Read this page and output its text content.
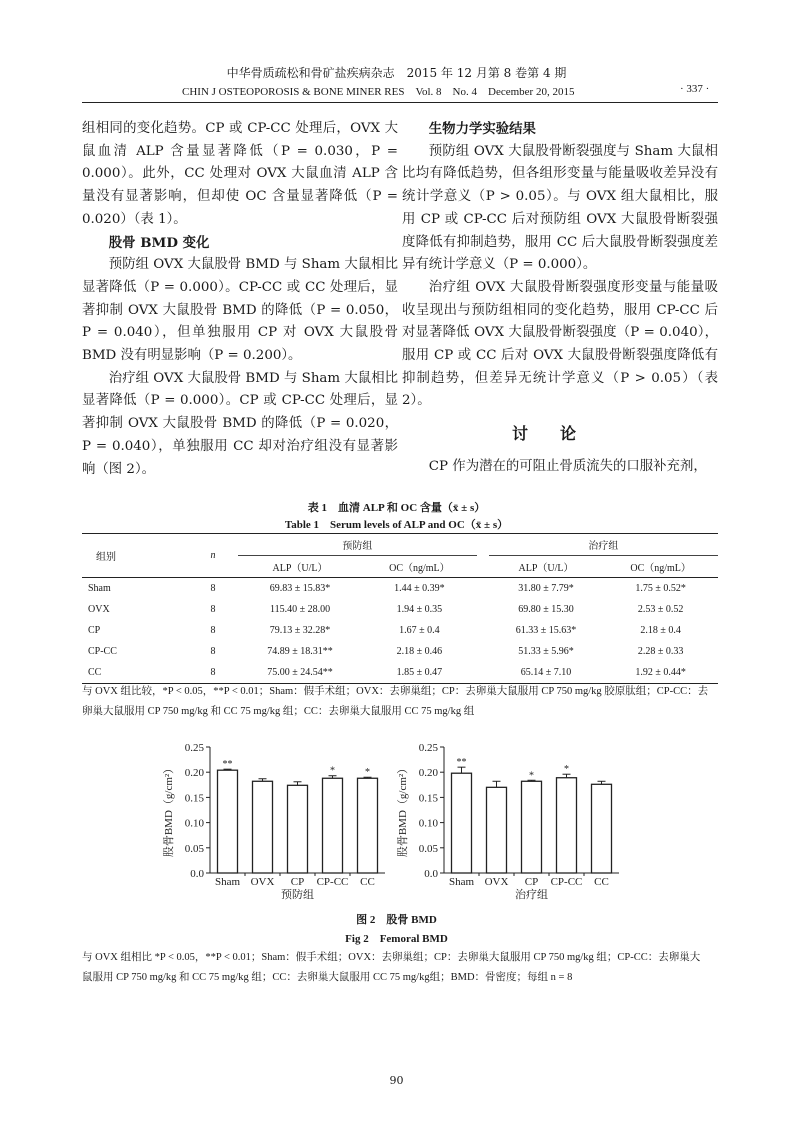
中华骨质疏松和骨矿盐疾病杂志　2015 年 12 月第 8 卷第 4 期
CHIN J OSTEOPOROSIS & BONE MINER RES　Vol. 8　No. 4　December 20, 2015	· 337 ·

组相同的变化趋势。CP 或 CP-CC 处理后，OVX 大鼠血清 ALP 含量显著降低（P = 0.030，P = 0.000）。此外，CC 处理对 OVX 大鼠血清 ALP 含量没有显著影响，但却使 OC 含量显著降低（P = 0.020）（表 1）。

股骨 BMD 变化

预防组 OVX 大鼠股骨 BMD 与 Sham 大鼠相比显著降低（P = 0.000）。CP-CC 或 CC 处理后，显著抑制 OVX 大鼠股骨 BMD 的降低（P = 0.050，P = 0.040），但单独服用 CP 对 OVX 大鼠股骨 BMD 没有明显影响（P = 0.200）。

治疗组 OVX 大鼠股骨 BMD 与 Sham 大鼠相比显著降低（P = 0.000）。CP 或 CP-CC 处理后，显著抑制 OVX 大鼠股骨 BMD 的降低（P = 0.020，P = 0.040），单独服用 CC 却对治疗组没有显著影响（图 2）。

生物力学实验结果

预防组 OVX 大鼠股骨断裂强度与 Sham 大鼠相比均有降低趋势，但各组形变量与能量吸收差异没有统计学意义（P > 0.05）。与 OVX 组大鼠相比，服用 CP 或 CP-CC 后对预防组 OVX 大鼠股骨断裂强度降低有抑制趋势，服用 CC 后大鼠股骨断裂强度差异有统计学意义（P = 0.000）。

治疗组 OVX 大鼠股骨断裂强度形变量与能量吸收呈现出与预防组相同的变化趋势，服用 CP-CC 后对显著降低 OVX 大鼠股骨断裂强度（P = 0.040），服用 CP 或 CC 后对 OVX 大鼠股骨断裂强度降低有抑制趋势，但差异无统计学意义（P > 0.05）（表 2）。

讨论

CP 作为潜在的可阻止骨质流失的口服补充剂，

表 1　血清 ALP 和 OC 含量（x̄ ± s）
Table 1　Serum levels of ALP and OC（x̄ ± s）
组别	n	预防组			治疗组	
		ALP（U/L）	OC（ng/mL）		ALP（U/L）	OC（ng/mL）
Sham	8	69.83 ± 15.83*	1.44 ± 0.39*		31.80 ± 7.79*	1.75 ± 0.52*
OVX	8	115.40 ± 28.00	1.94 ± 0.35		69.80 ± 15.30	2.53 ± 0.52
CP	8	79.13 ± 32.28*	1.67 ± 0.4		61.33 ± 15.63*	2.18 ± 0.4
CP-CC	8	74.89 ± 18.31**	2.18 ± 0.46		51.33 ± 5.96*	2.28 ± 0.33
CC	8	75.00 ± 24.54**	1.85 ± 0.47		65.14 ± 7.10	1.92 ± 0.44*
与 OVX 组比较，*P < 0.05，**P < 0.01；Sham：假手术组；OVX：去卵巢组；CP：去卵巢大鼠服用 CP 750 mg/kg 胶原肽组；CP-CC：去卵巢大鼠服用 CP 750 mg/kg 和 CC 75 mg/kg 组；CC：去卵巢大鼠服用 CC 75 mg/kg 组
0.0
0.05
0.10
0.15
0.20
0.25
**
Sham OVX CP
*
CP-CC
*
CC
预防组
股骨BMD（g/cm²）
0.0
0.05
0.10
0.15
0.20
0.25
**
Sham OVX
*
CP
*
CP-CC CC
治疗组
股骨BMD（g/cm²）
图 2　股骨 BMD
Fig 2　Femoral BMD
与 OVX 组相比 *P < 0.05，**P < 0.01；Sham：假手术组；OVX：去卵巢组；CP：去卵巢大鼠服用 CP 750 mg/kg 组；CP-CC：去卵巢大鼠服用 CP 750 mg/kg 和 CC 75 mg/kg 组；CC：去卵巢大鼠服用 CC 75 mg/kg组；BMD：骨密度；每组 n = 8
90
